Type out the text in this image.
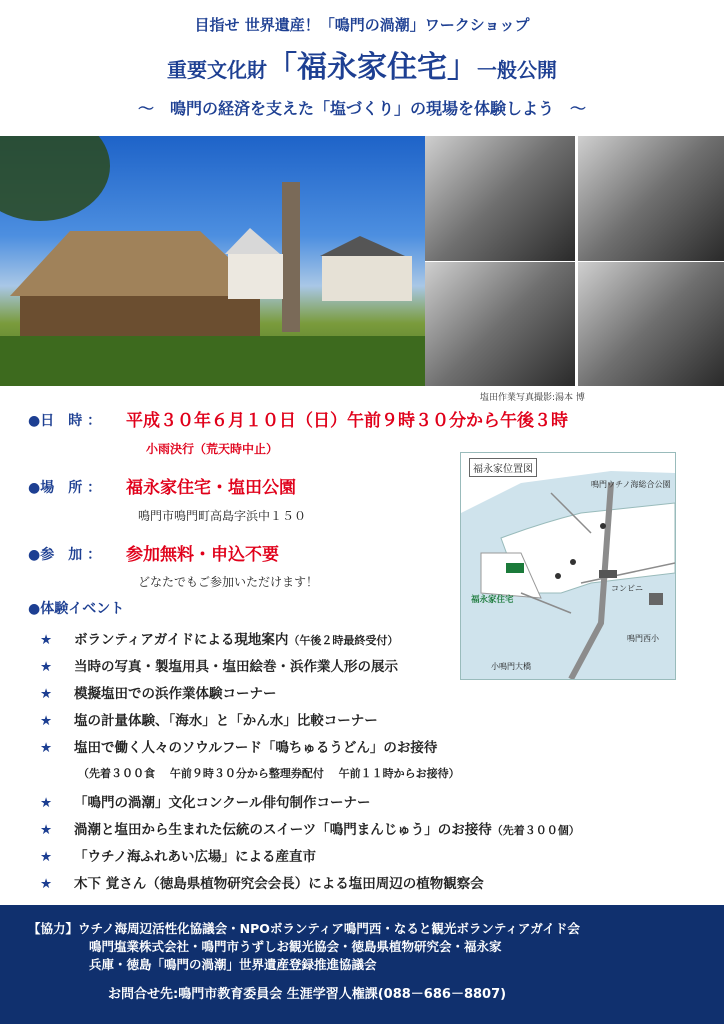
目指せ 世界遺産！「鳴門の渦潮」ワークショップ
重要文化財「福永家住宅」一般公開
～　鳴門の経済を支えた「塩づくり」の現場を体験しよう　～
塩田作業写真撮影:湯本 博
●日　時 ： 平成３０年６月１０日（日）午前９時３０分から午後３時
小雨決行（荒天時中止）
●場　所 ： 福永家住宅・塩田公園
鳴門市鳴門町高島字浜中１５０
●参　加 ： 参加無料・申込不要
どなたでもご参加いただけます！
●体験イベント
★ ボランティアガイドによる現地案内（午後２時最終受付）
★ 当時の写真・製塩用具・塩田絵巻・浜作業人形の展示
★ 模擬塩田での浜作業体験コーナー
★ 塩の計量体験、「海水」と「かん水」比較コーナー
★ 塩田で働く人々のソウルフード「鳴ちゅるうどん」のお接待
（先着３００食　 午前９時３０分から整理券配付　 午前１１時からお接待）
★ 「鳴門の渦潮」文化コンクール俳句制作コーナー
★ 渦潮と塩田から生まれた伝統のスイーツ「鳴門まんじゅう」のお接待（先着３００個）
★ 「ウチノ海ふれあい広場」による産直市
★ 木下 覚さん（徳島県植物研究会会長）による塩田周辺の植物観察会
福永家位置図
鳴門ウチノ海総合公園
コンビニ
福永家住宅
鳴門西小
小鳴門大橋
【協力】ウチノ海周辺活性化協議会・NPOボランティア鳴門西・なると観光ボランティアガイド会
鳴門塩業株式会社・鳴門市うずしお観光協会・徳島県植物研究会・福永家
兵庫・徳島「鳴門の渦潮」世界遺産登録推進協議会
お問合せ先:鳴門市教育委員会 生涯学習人権課(088－686－8807)
